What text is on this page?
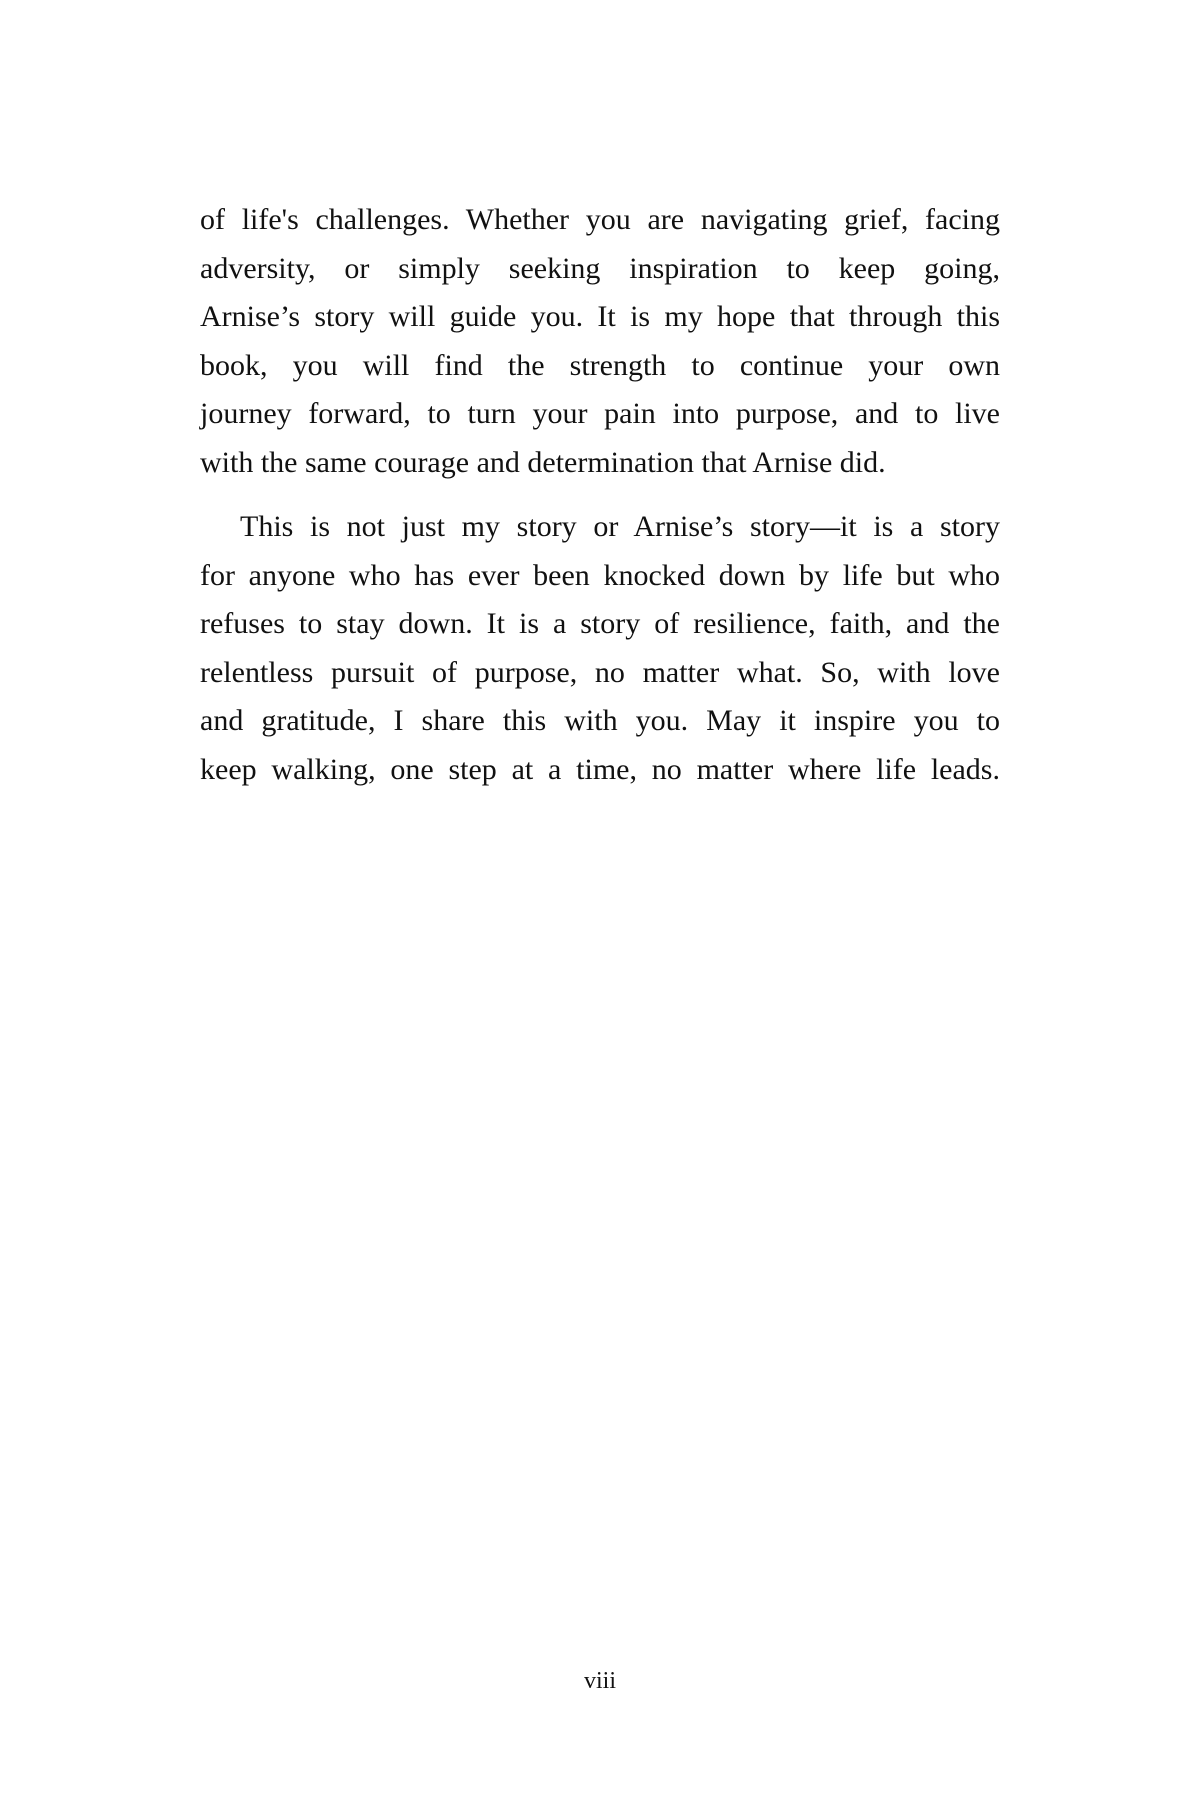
of life's challenges. Whether you are navigating grief, facing
adversity, or simply seeking inspiration to keep going,
Arnise’s story will guide you. It is my hope that through this
book, you will find the strength to continue your own
journey forward, to turn your pain into purpose, and to live
with the same courage and determination that Arnise did.

This is not just my story or Arnise’s story—it is a story
for anyone who has ever been knocked down by life but who
refuses to stay down. It is a story of resilience, faith, and the
relentless pursuit of purpose, no matter what. So, with love
and gratitude, I share this with you. May it inspire you to
keep walking, one step at a time, no matter where life leads.

viii
